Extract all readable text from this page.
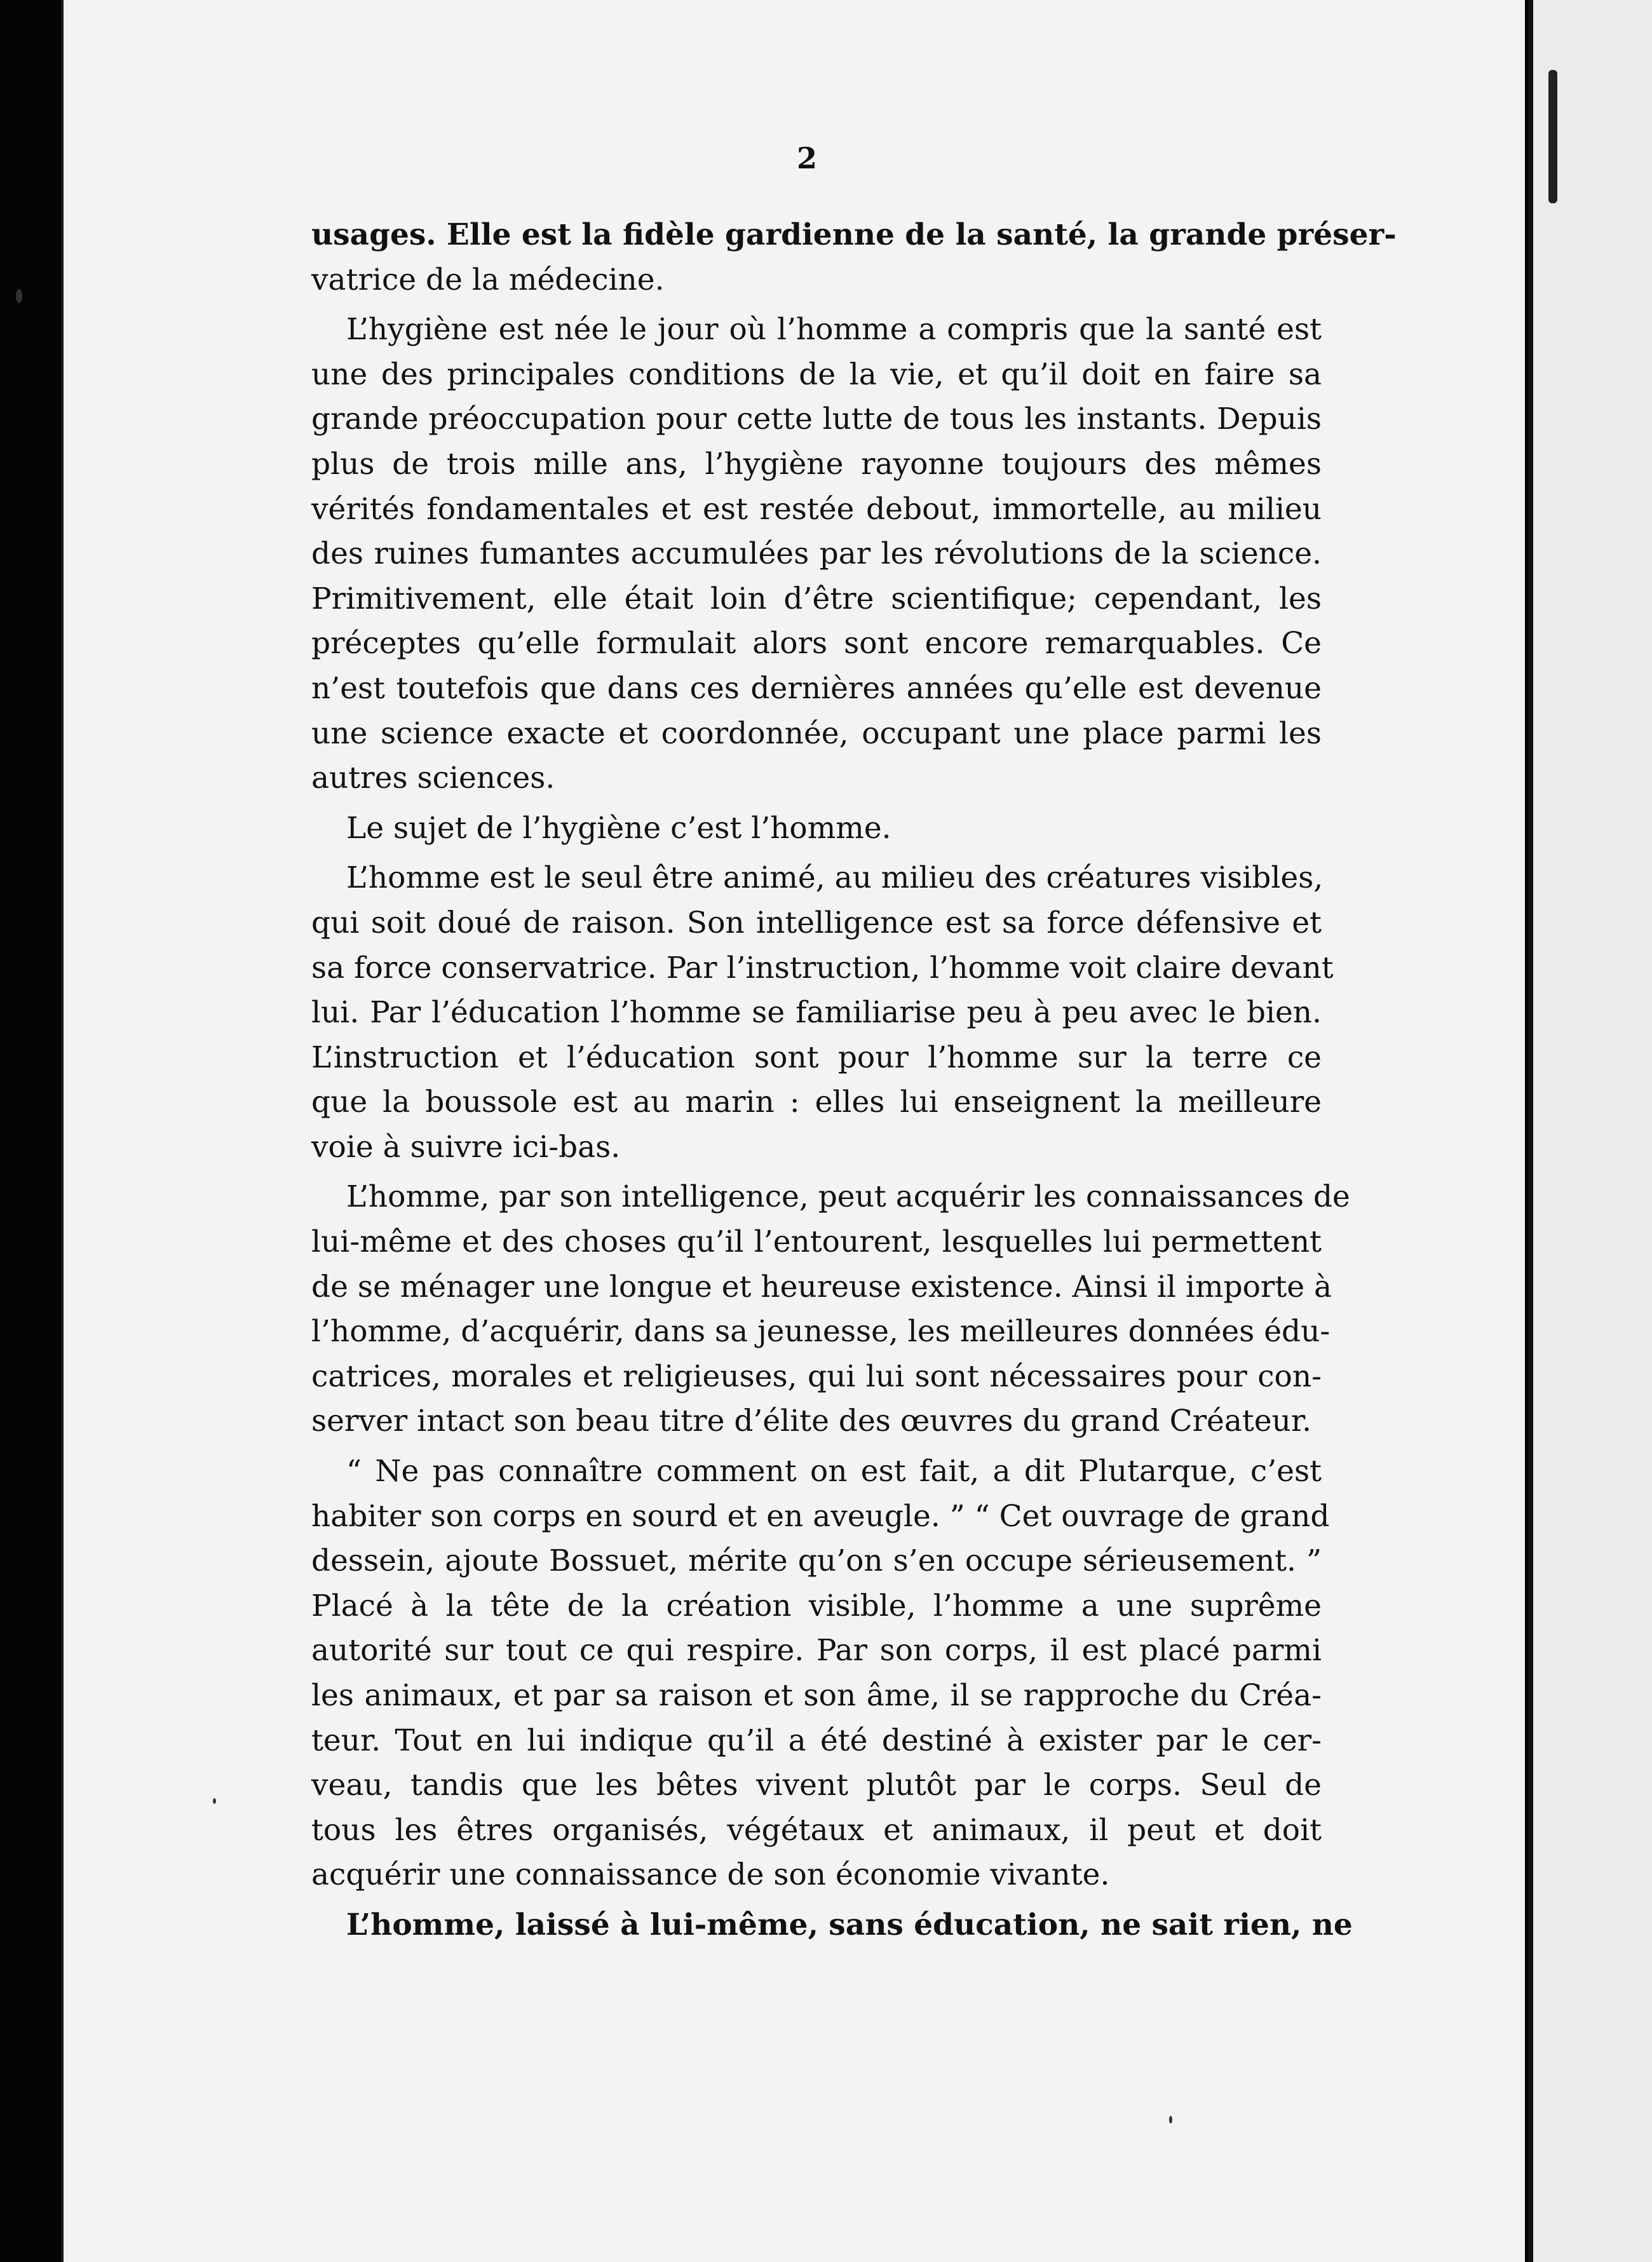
2
usages. Elle est la fidèle gardienne de la santé, la grande préser-
vatrice de la médecine.
L’hygiène est née le jour où l’homme a compris que la santé est
une des principales conditions de la vie, et qu’il doit en faire sa
grande préoccupation pour cette lutte de tous les instants. Depuis
plus de trois mille ans, l’hygiène rayonne toujours des mêmes
vérités fondamentales et est restée debout, immortelle, au milieu
des ruines fumantes accumulées par les révolutions de la science.
Primitivement, elle était loin d’être scientifique; cependant, les
préceptes qu’elle formulait alors sont encore remarquables. Ce
n’est toutefois que dans ces dernières années qu’elle est devenue
une science exacte et coordonnée, occupant une place parmi les
autres sciences.
Le sujet de l’hygiène c’est l’homme.
L’homme est le seul être animé, au milieu des créatures visibles,
qui soit doué de raison. Son intelligence est sa force défensive et
sa force conservatrice. Par l’instruction, l’homme voit claire devant
lui. Par l’éducation l’homme se familiarise peu à peu avec le bien.
L’instruction et l’éducation sont pour l’homme sur la terre ce
que la boussole est au marin : elles lui enseignent la meilleure
voie à suivre ici-bas.
L’homme, par son intelligence, peut acquérir les connaissances de
lui-même et des choses qu’il l’entourent, lesquelles lui permettent
de se ménager une longue et heureuse existence. Ainsi il importe à
l’homme, d’acquérir, dans sa jeunesse, les meilleures données édu-
catrices, morales et religieuses, qui lui sont nécessaires pour con-
server intact son beau titre d’élite des œuvres du grand Créateur.
“ Ne pas connaître comment on est fait, a dit Plutarque, c’est
habiter son corps en sourd et en aveugle. ” “ Cet ouvrage de grand
dessein, ajoute Bossuet, mérite qu’on s’en occupe sérieusement. ”
Placé à la tête de la création visible, l’homme a une suprême
autorité sur tout ce qui respire. Par son corps, il est placé parmi
les animaux, et par sa raison et son âme, il se rapproche du Créa-
teur. Tout en lui indique qu’il a été destiné à exister par le cer-
veau, tandis que les bêtes vivent plutôt par le corps. Seul de
tous les êtres organisés, végétaux et animaux, il peut et doit
acquérir une connaissance de son économie vivante.
L’homme, laissé à lui-même, sans éducation, ne sait rien, ne
